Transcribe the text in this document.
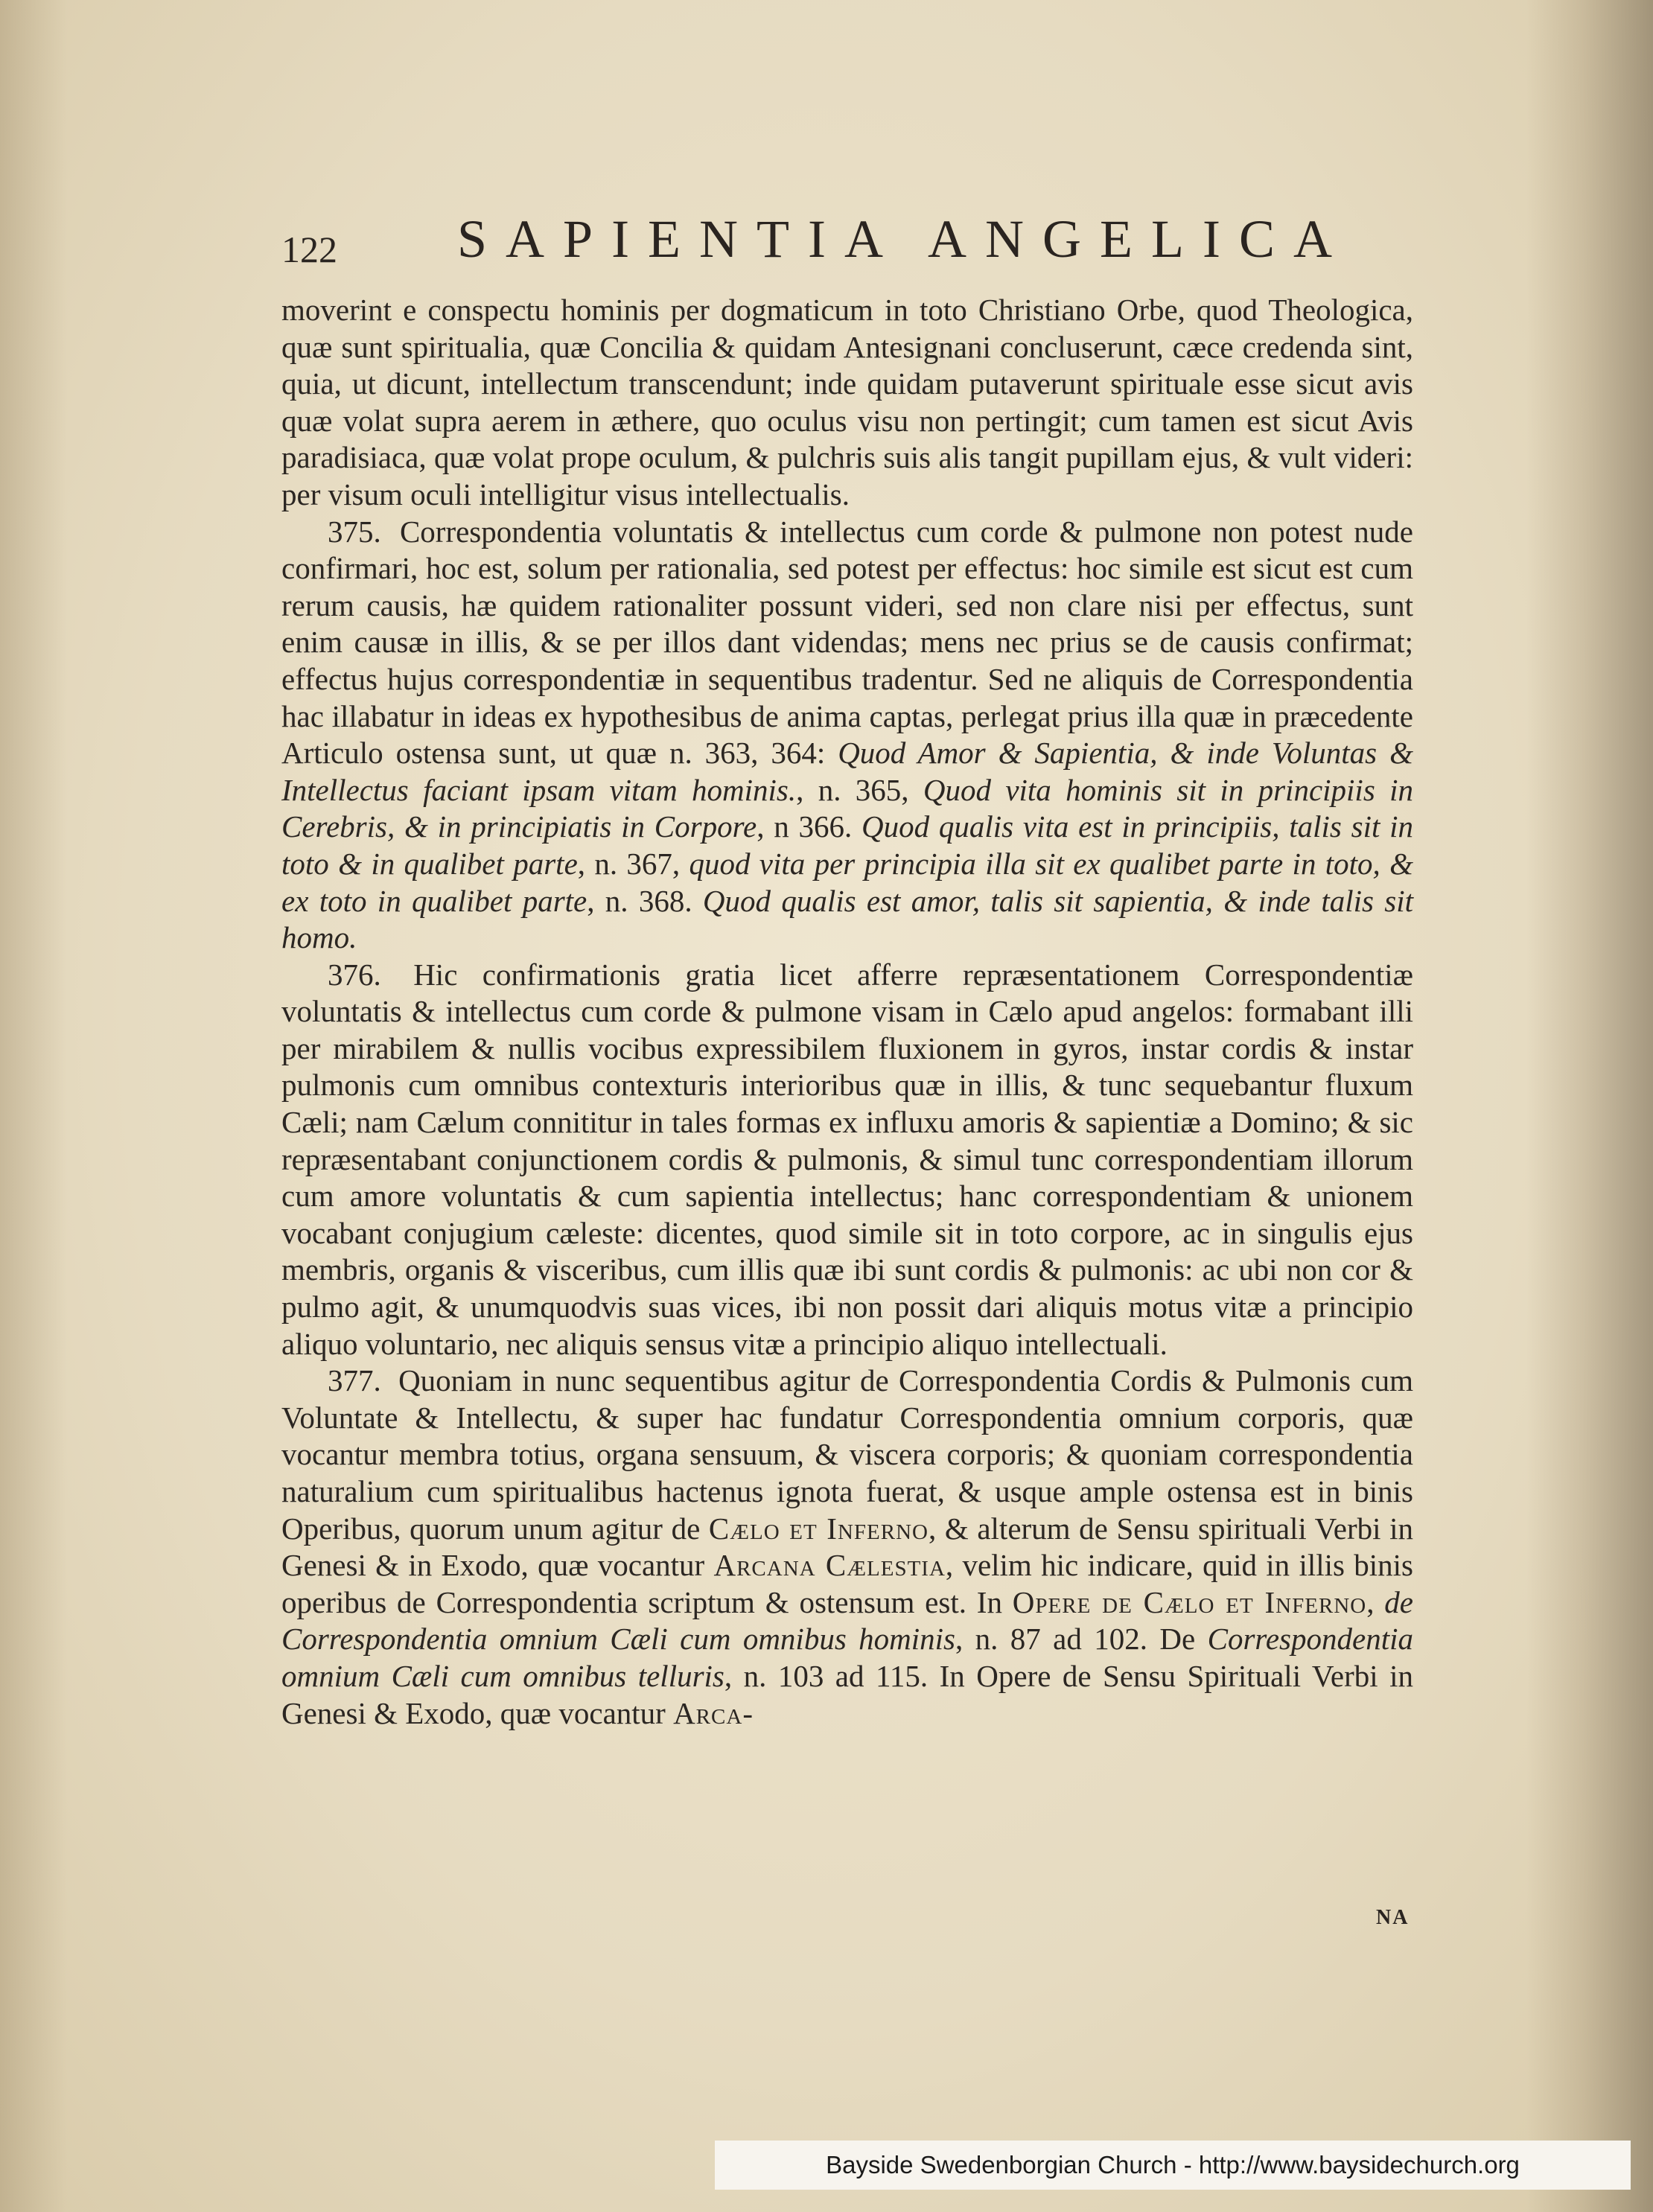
122 SAPIENTIA ANGELICA

moverint e conspectu hominis per dogmaticum in toto Christiano Orbe, quod Theologica, quæ sunt spiritualia, quæ Concilia & quidam Antesignani concluserunt, cæce credenda sint, quia, ut dicunt, intellectum transcendunt; inde quidam putaverunt spirituale esse sicut avis quæ volat supra aerem in æthere, quo oculus visu non pertingit; cum tamen est sicut Avis paradisiaca, quæ volat prope oculum, & pulchris suis alis tangit pupillam ejus, & vult videri: per visum oculi intelligitur visus intellectualis.

375. Correspondentia voluntatis & intellectus cum corde & pulmone non potest nude confirmari, hoc est, solum per rationalia, sed potest per effectus: hoc simile est sicut est cum rerum causis, hæ quidem rationaliter possunt videri, sed non clare nisi per effectus, sunt enim causæ in illis, & se per illos dant videndas; mens nec prius se de causis confirmat; effectus hujus correspondentiæ in sequentibus tradentur. Sed ne aliquis de Correspondentia hac illabatur in ideas ex hypothesibus de anima captas, perlegat prius illa quæ in præcedente Articulo ostensa sunt, ut quæ n. 363, 364: Quod Amor & Sapientia, & inde Voluntas & Intellectus faciant ipsam vitam hominis., n. 365, Quod vita hominis sit in principiis in Cerebris, & in principiatis in Corpore, n 366. Quod qualis vita est in principiis, talis sit in toto & in qualibet parte, n. 367, quod vita per principia illa sit ex qualibet parte in toto, & ex toto in qualibet parte, n. 368. Quod qualis est amor, talis sit sapientia, & inde talis sit homo.

376. Hic confirmationis gratia licet afferre repræsentationem Correspondentiæ voluntatis & intellectus cum corde & pulmone visam in Cælo apud angelos: formabant illi per mirabilem & nullis vocibus expressibilem fluxionem in gyros, instar cordis & instar pulmonis cum omnibus contexturis interioribus quæ in illis, & tunc sequebantur fluxum Cæli; nam Cælum connititur in tales formas ex influxu amoris & sapientiæ a Domino; & sic repræsentabant conjunctionem cordis & pulmonis, & simul tunc correspondentiam illorum cum amore voluntatis & cum sapientia intellectus; hanc correspondentiam & unionem vocabant conjugium cæleste: dicentes, quod simile sit in toto corpore, ac in singulis ejus membris, organis & visceribus, cum illis quæ ibi sunt cordis & pulmonis: ac ubi non cor & pulmo agit, & unumquodvis suas vices, ibi non possit dari aliquis motus vitæ a principio aliquo voluntario, nec aliquis sensus vitæ a principio aliquo intellectuali.

377. Quoniam in nunc sequentibus agitur de Correspondentia Cordis & Pulmonis cum Voluntate & Intellectu, & super hac fundatur Correspondentia omnium corporis, quæ vocantur membra totius, organa sensuum, & viscera corporis; & quoniam correspondentia naturalium cum spiritualibus hactenus ignota fuerat, & usque ample ostensa est in binis Operibus, quorum unum agitur de Cælo et Inferno, & alterum de Sensu spirituali Verbi in Genesi & in Exodo, quæ vocantur Arcana Cælestia, velim hic indicare, quid in illis binis operibus de Correspondentia scriptum & ostensum est. In Opere de Cælo et Inferno, de Correspondentia omnium Cæli cum omnibus hominis, n. 87 ad 102. De Correspondentia omnium Cæli cum omnibus telluris, n. 103 ad 115. In Opere de Sensu Spirituali Verbi in Genesi & Exodo, quæ vocantur Arca-

NA
Bayside Swedenborgian Church - http://www.baysidechurch.org
